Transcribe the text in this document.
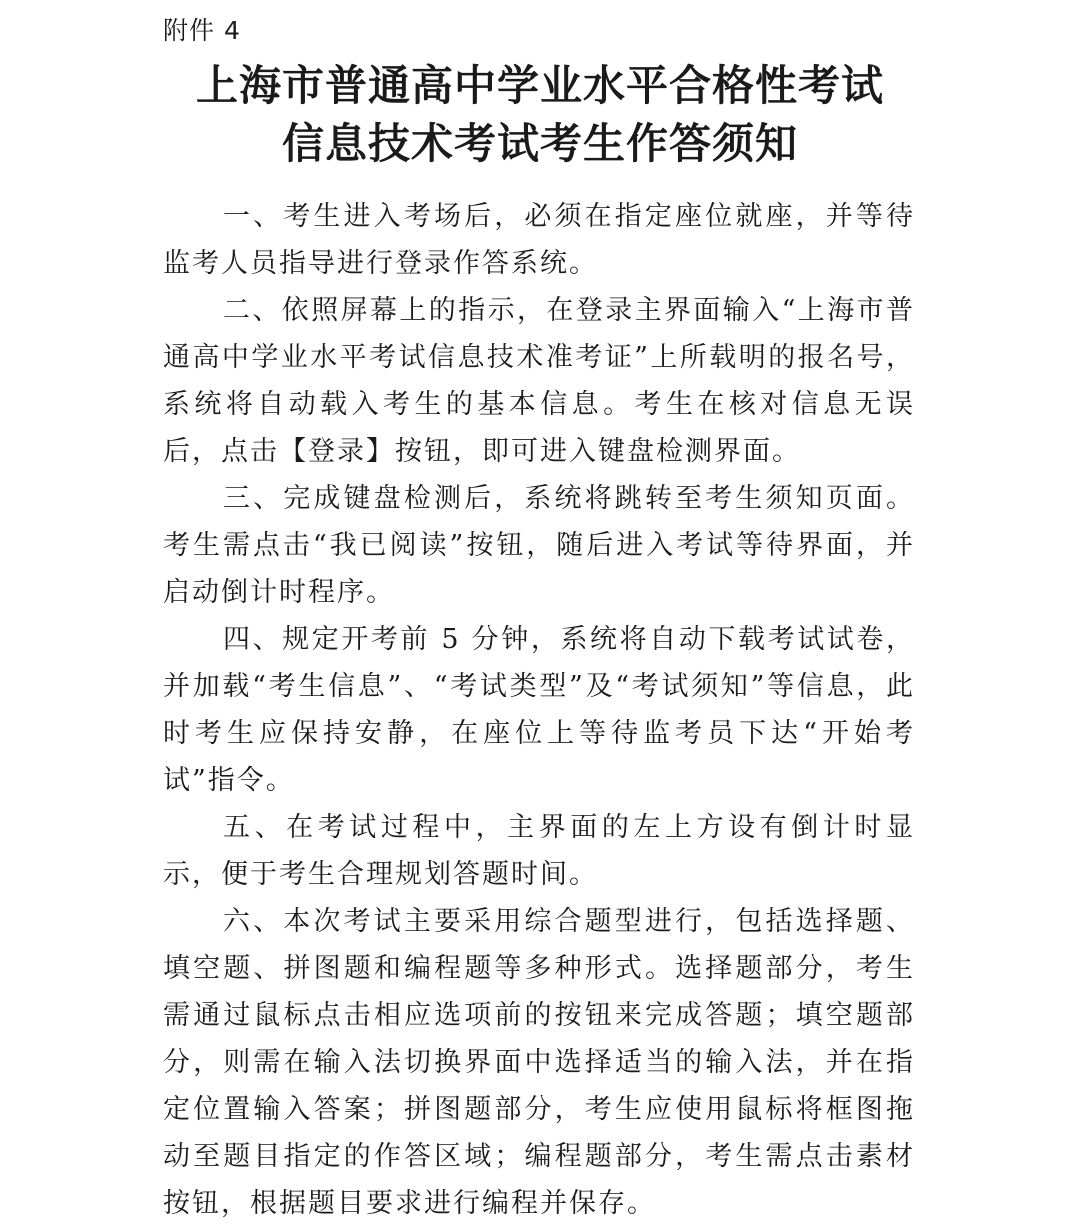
附件 4
上海市普通高中学业水平合格性考试
信息技术考试考生作答须知

一、考生进入考场后，必须在指定座位就座，并等待监考人员指导进行登录作答系统。

二、依照屏幕上的指示，在登录主界面输入“上海市普通高中学业水平考试信息技术准考证”上所载明的报名号，系统将自动载入考生的基本信息。考生在核对信息无误后，点击【登录】按钮，即可进入键盘检测界面。

三、完成键盘检测后，系统将跳转至考生须知页面。考生需点击“我已阅读”按钮，随后进入考试等待界面，并启动倒计时程序。

四、规定开考前 5 分钟，系统将自动下载考试试卷，并加载“考生信息”、“考试类型”及“考试须知”等信息，此时考生应保持安静，在座位上等待监考员下达“开始考试”指令。

五、在考试过程中，主界面的左上方设有倒计时显示，便于考生合理规划答题时间。

六、本次考试主要采用综合题型进行，包括选择题、填空题、拼图题和编程题等多种形式。选择题部分，考生需通过鼠标点击相应选项前的按钮来完成答题；填空题部分，则需在输入法切换界面中选择适当的输入法，并在指定位置输入答案；拼图题部分，考生应使用鼠标将框图拖动至题目指定的作答区域；编程题部分，考生需点击素材按钮，根据题目要求进行编程并保存。
